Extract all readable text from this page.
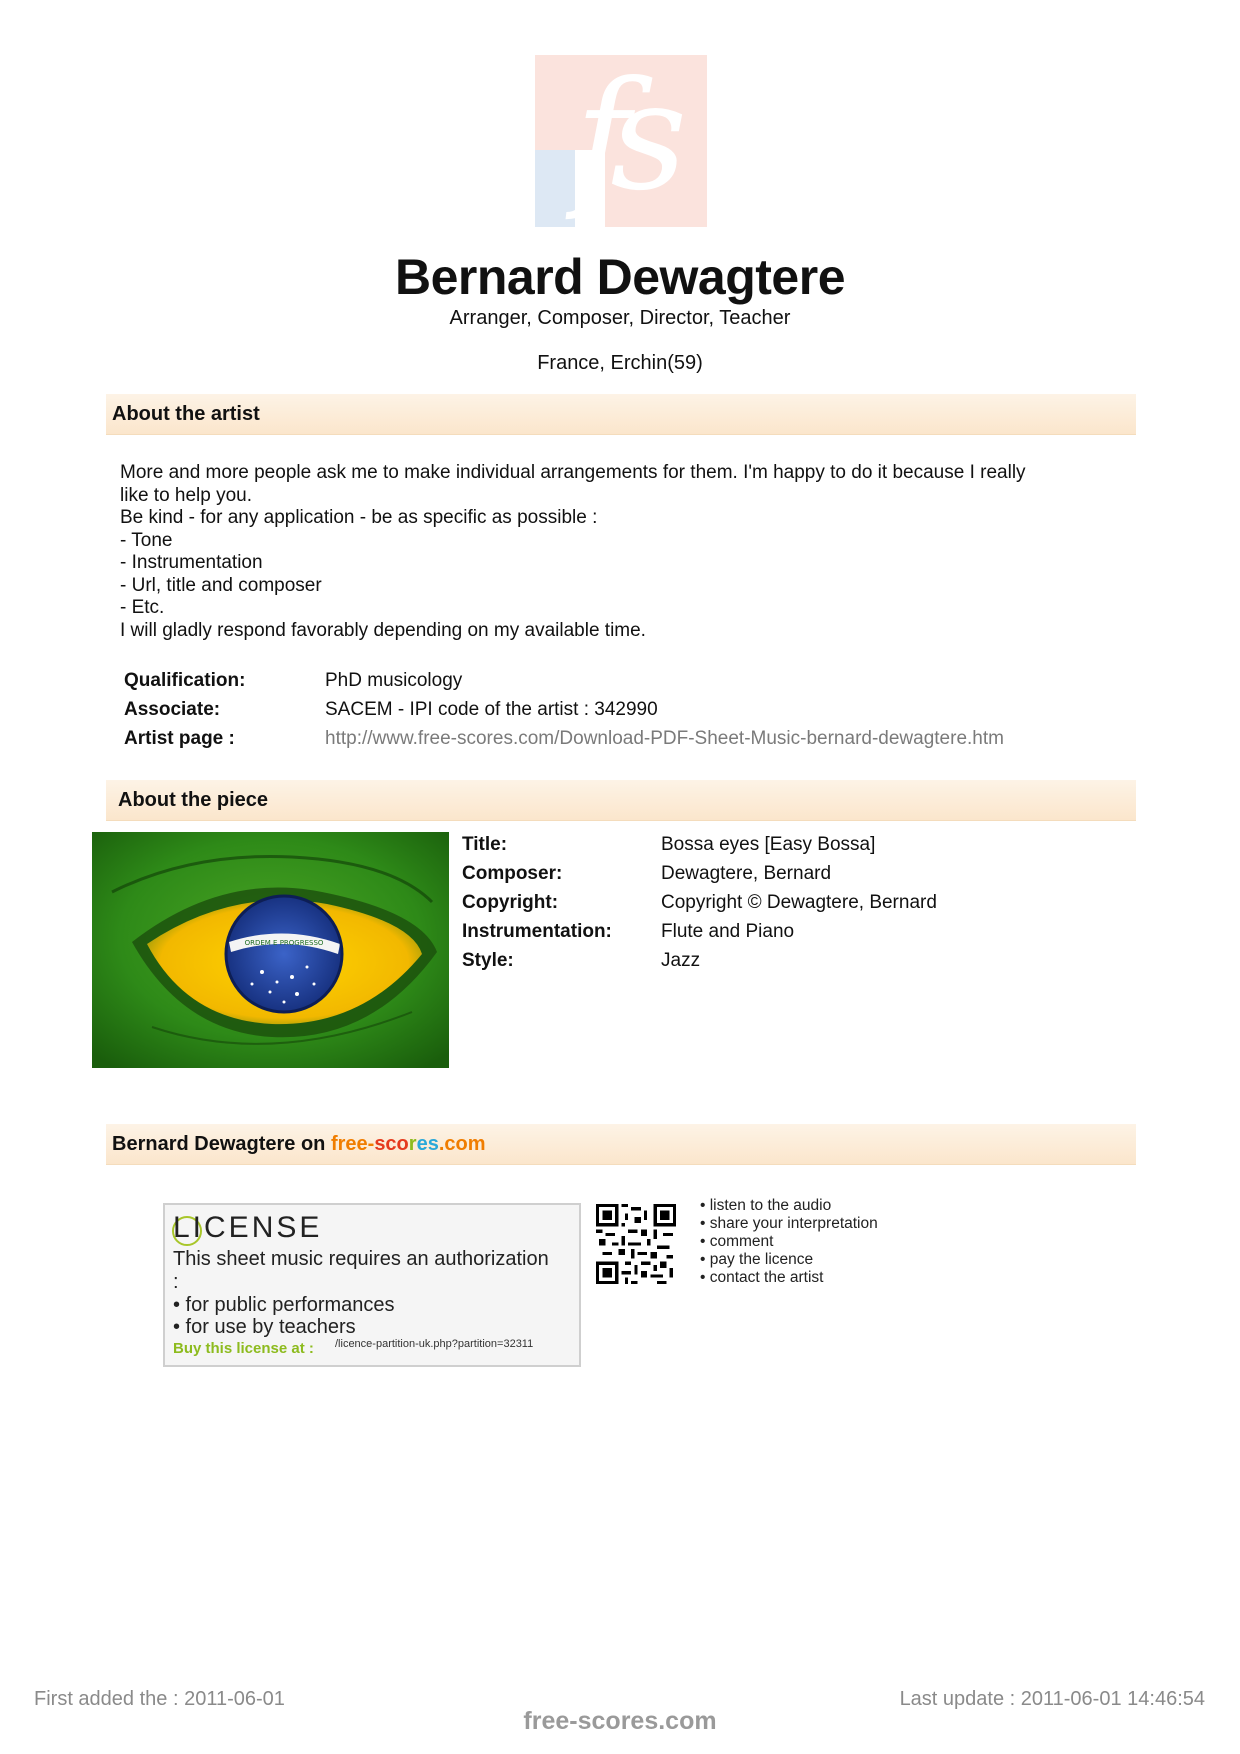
fs
Bernard Dewagtere
Arranger, Composer, Director, Teacher
France, Erchin(59)
About the artist
More and more people ask me to make individual arrangements for them. I'm happy to do it because I really
like to help you.
Be kind - for any application - be as specific as possible :
- Tone
- Instrumentation
- Url, title and composer
- Etc.
I will gladly respond favorably depending on my available time.
Qualification:	PhD musicology
Associate:	SACEM - IPI code of the artist : 342990
Artist page :	http://www.free-scores.com/Download-PDF-Sheet-Music-bernard-dewagtere.htm
About the piece
ORDEM E PROGRESSO
Title:	Bossa eyes [Easy Bossa]
Composer:	Dewagtere, Bernard
Copyright:	Copyright © Dewagtere, Bernard
Instrumentation:	Flute and Piano
Style:	Jazz
Bernard Dewagtere on free-scores.com
LICENSE
This sheet music requires an authorization
:
• for public performances
• for use by teachers
Buy this license at : /licence-partition-uk.php?partition=32311
• listen to the audio
• share your interpretation
• comment
• pay the licence
• contact the artist
First added the : 2011-06-01	Last update : 2011-06-01 14:46:54
free-scores.com
